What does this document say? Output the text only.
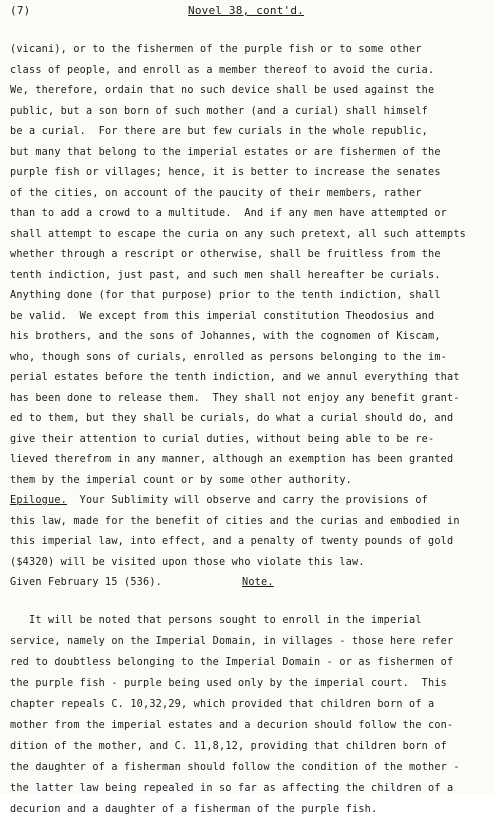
(7)	Novel 38, cont'd.
(vicani), or to the fishermen of the purple fish or to some other
class of people, and enroll as a member thereof to avoid the curia.
We, therefore, ordain that no such device shall be used against the
public, but a son born of such mother (and a curial) shall himself
be a curial.  For there are but few curials in the whole republic,
but many that belong to the imperial estates or are fishermen of the
purple fish or villages; hence, it is better to increase the senates
of the cities, on account of the paucity of their members, rather
than to add a crowd to a multitude.  And if any men have attempted or
shall attempt to escape the curia on any such pretext, all such attempts
whether through a rescript or otherwise, shall be fruitless from the
tenth indiction, just past, and such men shall hereafter be curials.
Anything done (for that purpose) prior to the tenth indiction, shall
be valid.  We except from this imperial constitution Theodosius and
his brothers, and the sons of Johannes, with the cognomen of Kiscam,
who, though sons of curials, enrolled as persons belonging to the im-
perial estates before the tenth indiction, and we annul everything that
has been done to release them.  They shall not enjoy any benefit grant-
ed to them, but they shall be curials, do what a curial should do, and
give their attention to curial duties, without being able to be re-
lieved therefrom in any manner, although an exemption has been granted
them by the imperial count or by some other authority.
Epilogue.  Your Sublimity will observe and carry the provisions of
this law, made for the benefit of cities and the curias and embodied in
this imperial law, into effect, and a penalty of twenty pounds of gold
($4320) will be visited upon those who violate this law.
Given February 15 (536).	Note.
It will be noted that persons sought to enroll in the imperial
service, namely on the Imperial Domain, in villages - those here refer
red to doubtless belonging to the Imperial Domain - or as fishermen of
the purple fish - purple being used only by the imperial court.  This
chapter repeals C. 10,32,29, which provided that children born of a
mother from the imperial estates and a decurion should follow the con-
dition of the mother, and C. 11,8,12, providing that children born of
the daughter of a fisherman should follow the condition of the mother -
the latter law being repealed in so far as affecting the children of a
decurion and a daughter of a fisherman of the purple fish.
